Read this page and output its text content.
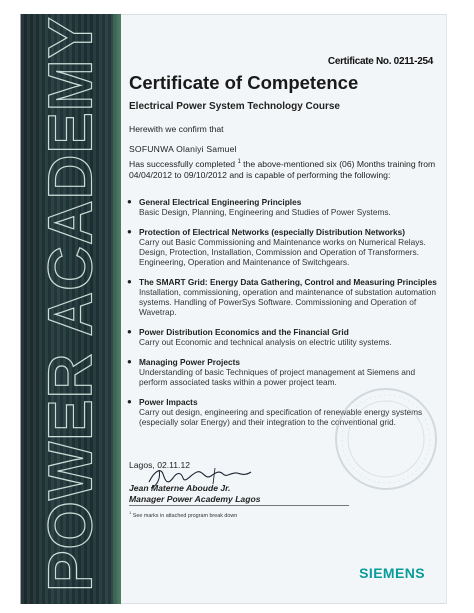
POWER ACADEMY	Certificate No. 0211-254
Certificate of Competence
Electrical Power System Technology Course
Herewith we confirm that
SOFUNWA Olaniyi Samuel
Has successfully completed $^1$ the above-mentioned six (06) Months training from 04/04/2012 to 09/10/2012 and is capable of performing the following:
● General Electrical Engineering Principles
Basic Design, Planning, Engineering and Studies of Power Systems.
● Protection of Electrical Networks (especially Distribution Networks)
Carry out Basic Commissioning and Maintenance works on Numerical Relays. Design, Protection, Installation, Commission and Operation of Transformers. Engineering, Operation and Maintenance of Switchgears.
● The SMART Grid: Energy Data Gathering, Control and Measuring Principles
Installation, commissioning, operation and maintenance of substation automation systems. Handling of PowerSys Software. Commissioning and Operation of Wavetrap.
● Power Distribution Economics and the Financial Grid
Carry out Economic and technical analysis on electric utility systems.
● Managing Power Projects
Understanding of basic Techniques of project management at Siemens and perform associated tasks within a power project team.
● Power Impacts
Carry out design, engineering and specification of renewable energy systems (especially solar Energy) and their integration to the conventional grid.
Lagos, 02.11.12
Jean Materne Aboude Jr.
Manager Power Academy Lagos
$^1$ See marks in attached program break down
SIEMENS
